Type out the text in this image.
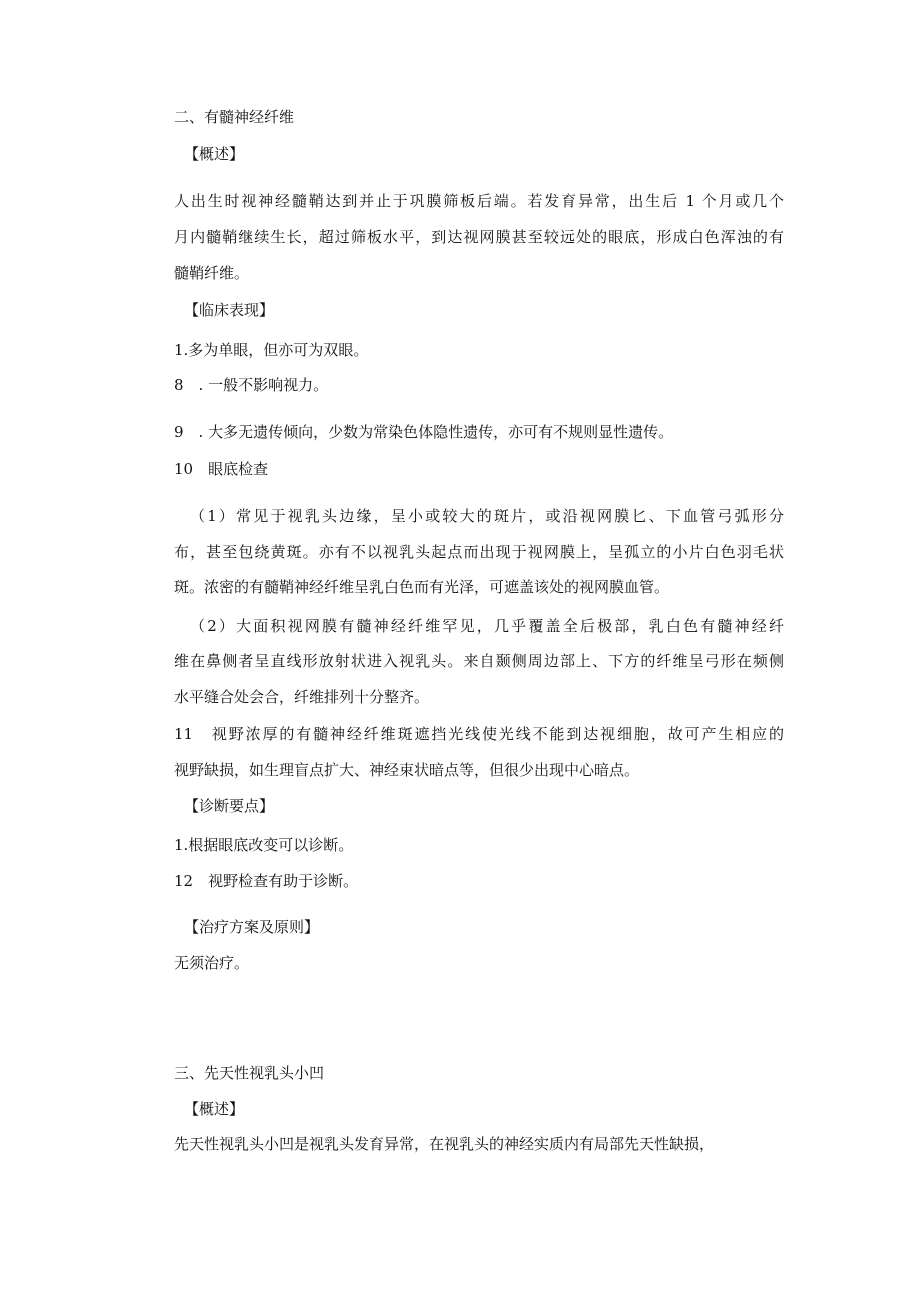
二、有髓神经纤维
【概述】
人出生时视神经髓鞘达到并止于巩膜筛板后端。若发育异常，出生后 1 个月或几个
月内髓鞘继续生长，超过筛板水平，到达视网膜甚至较远处的眼底，形成白色浑浊的有
髓鞘纤维。
【临床表现】
1.多为单眼，但亦可为双眼。
8　. 一般不影响视力。
9　. 大多无遗传倾向，少数为常染色体隐性遗传，亦可有不规则显性遗传。
10　眼底检查
（1）常见于视乳头边缘，呈小或较大的斑片，或沿视网膜匕、下血管弓弧形分
布，甚至包绕黄斑。亦有不以视乳头起点而出现于视网膜上，呈孤立的小片白色羽毛状
斑。浓密的有髓鞘神经纤维呈乳白色而有光泽，可遮盖该处的视网膜血管。
（2）大面积视网膜有髓神经纤维罕见，几乎覆盖全后极部，乳白色有髓神经纤
维在鼻侧者呈直线形放射状进入视乳头。来自颞侧周边部上、下方的纤维呈弓形在频侧
水平缝合处会合，纤维排列十分整齐。
11　视野浓厚的有髓神经纤维斑遮挡光线使光线不能到达视细胞，故可产生相应的
视野缺损，如生理盲点扩大、神经束状暗点等，但很少出现中心暗点。
【诊断要点】
1.根据眼底改变可以诊断。
12　视野检查有助于诊断。
【治疗方案及原则】
无须治疗。
三、先天性视乳头小凹
【概述】
先天性视乳头小凹是视乳头发育异常，在视乳头的神经实质内有局部先天性缺损，
